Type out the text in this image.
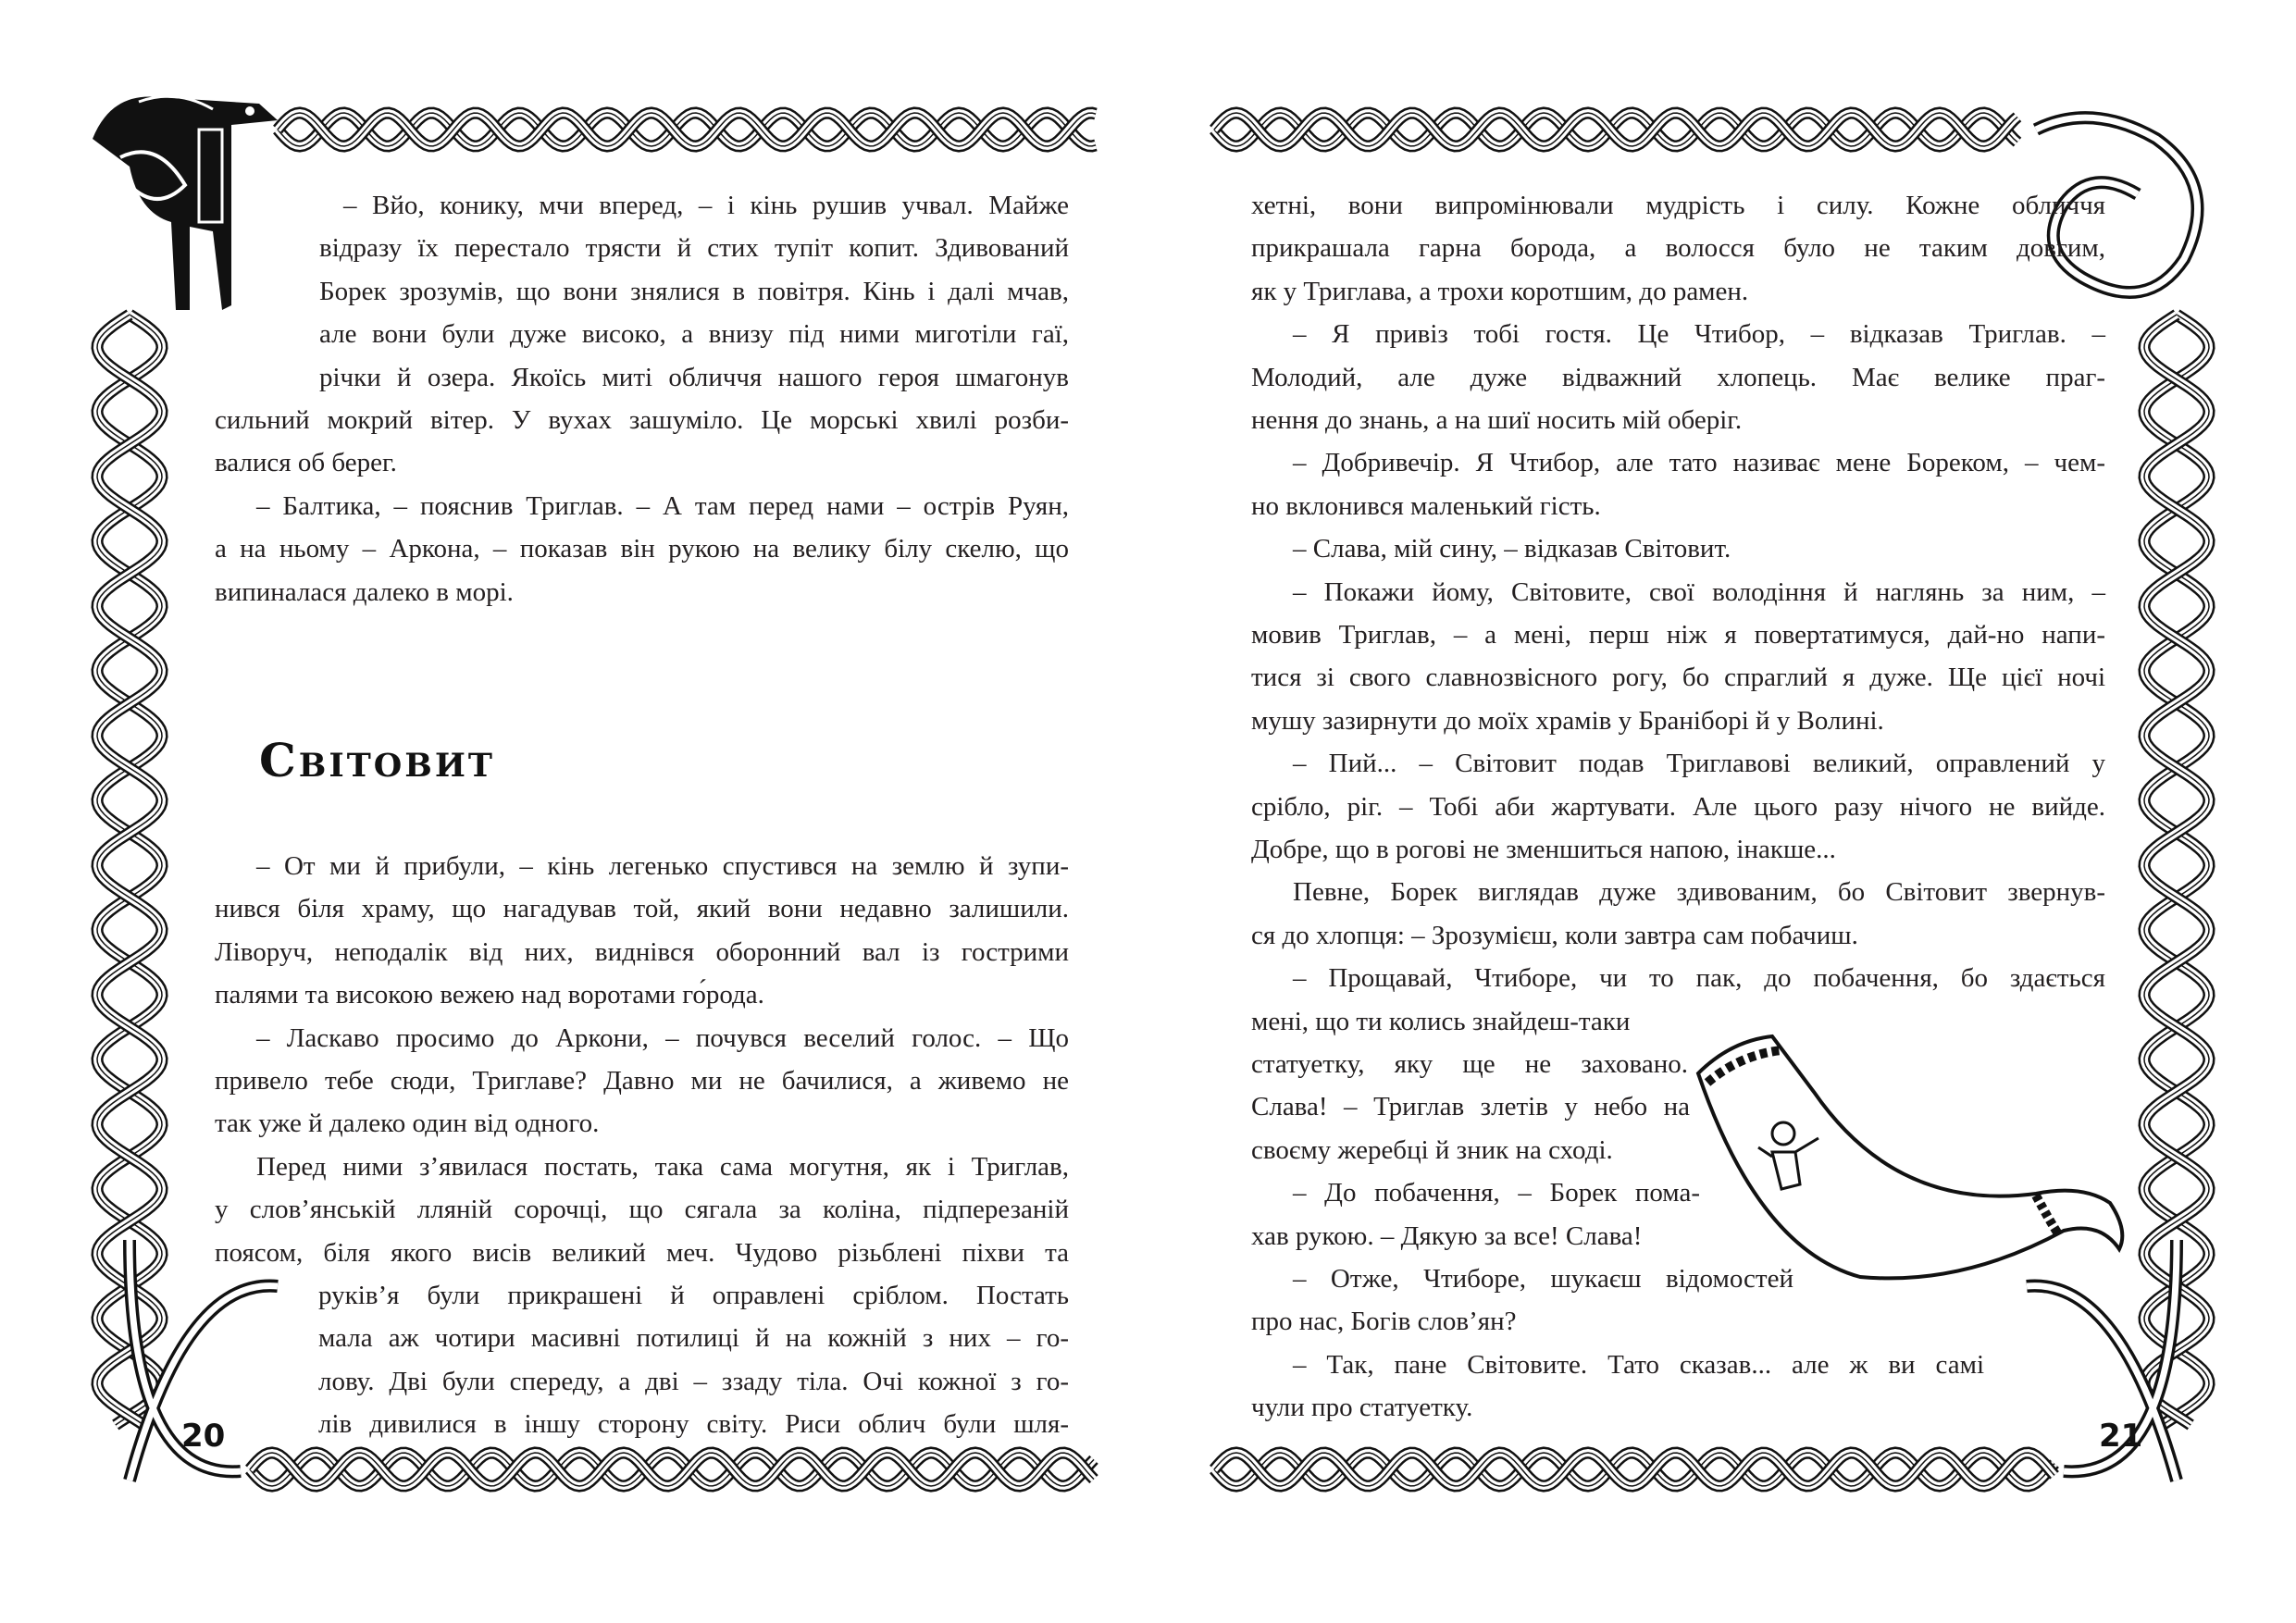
– Вйо, конику, мчи вперед, – і кінь рушив учвал. Майже
відразу їх перестало трясти й стих тупіт копит. Здивований
Борек зрозумів, що вони знялися в повітря. Кінь і далі мчав,
але вони були дуже високо, а внизу під ними миготіли гаї,
річки й озера. Якоїсь миті обличчя нашого героя шмагонув
сильний мокрий вітер. У вухах зашуміло. Це морські хвилі розби-
валися об берег.
– Балтика, – пояснив Триглав. – А там перед нами – острів Руян,
а на ньому – Аркона, – показав він рукою на велику білу скелю, що
випиналася далеко в морі.
Світовит
– От ми й прибули, – кінь легенько спустився на землю й зупи-
нився біля храму, що нагадував той, який вони недавно залишили.
Ліворуч, неподалік від них, виднівся оборонний вал із гострими
палями та високою вежею над воротами го́рода.
– Ласкаво просимо до Аркони, – почувся веселий голос. – Що
привело тебе сюди, Триглаве? Давно ми не бачилися, а живемо не
так уже й далеко один від одного.
Перед ними з’явилася постать, така сама могутня, як і Триглав,
у слов’янській лляній сорочці, що сягала за коліна, підперезаній
поясом, біля якого висів великий меч. Чудово різьблені піхви та
руків’я були прикрашені й оправлені сріблом. Постать
мала аж чотири масивні потилиці й на кожній з них – го-
лову. Дві були спереду, а дві – ззаду тіла. Очі кожної з го-
лів дивилися в іншу сторону світу. Риси облич були шля-
хетні, вони випромінювали мудрість і силу. Кожне обличчя
прикрашала гарна борода, а волосся було не таким довгим,
як у Триглава, а трохи коротшим, до рамен.
– Я привіз тобі гостя. Це Чтибор, – відказав Триглав. –
Молодий, але дуже відважний хлопець. Має велике праг-
нення до знань, а на шиї носить мій оберіг.
– Добривечір. Я Чтибор, але тато називає мене Бореком, – чем-
но вклонився маленький гість.
– Слава, мій сину, – відказав Світовит.
– Покажи йому, Світовите, свої володіння й наглянь за ним, –
мовив Триглав, – а мені, перш ніж я повертатимуся, дай-но напи-
тися зі свого славнозвісного рогу, бо спраглий я дуже. Ще цієї ночі
мушу зазирнути до моїх храмів у Бранібoрі й у Волині.
– Пий... – Світовит подав Триглавові великий, оправлений у
срібло, ріг. – Тобі аби жартувати. Але цього разу нічого не вийде.
Добре, що в рогові не зменшиться напою, інакше...
Певне, Борек виглядав дуже здивованим, бо Світовит звернув-
ся до хлопця: – Зрозумієш, коли завтра сам побачиш.
– Прощавай, Чтиборе, чи то пак, до побачення, бо здається
мені, що ти колись знайдеш-таки
статуетку, яку ще не заховано.
Слава! – Триглав злетів у небо на
своєму жеребці й зник на сході.
– До побачення, – Борек пома-
хав рукою. – Дякую за все! Слава!
– Отже, Чтиборе, шукаєш відомостей
про нас, Богів слов’ян?
– Так, пане Світовите. Тато сказав... але ж ви самі
чули про статуетку.
20	21
